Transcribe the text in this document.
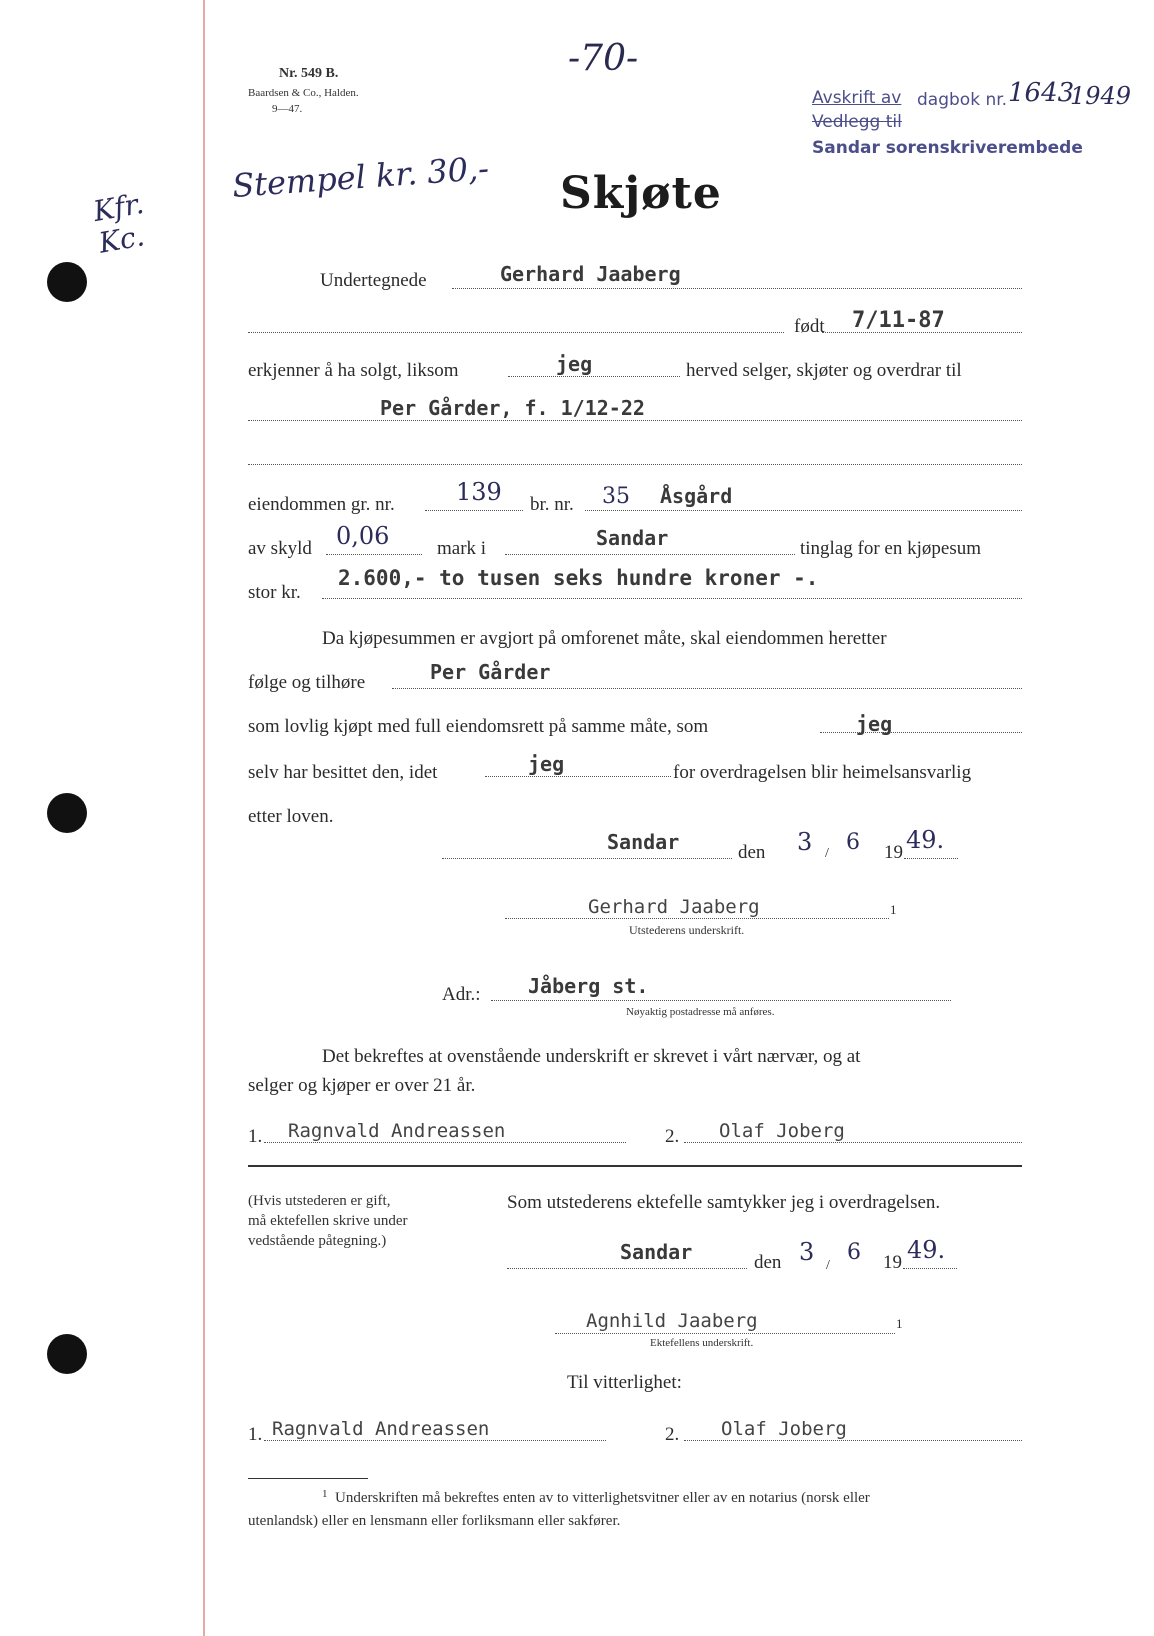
Nr. 549 B.
Baardsen & Co., Halden.
9—47.
-70-
Avskrift av dagbok nr. 1643
1949
Vedlegg til
Sandar sorenskriverembede
Stempel kr. 30,-
Kfr. Kc.
Skjøte
Undertegnede	Gerhard Jaaberg
født 7/11-87
erkjenner å ha solgt, liksom	jeg	herved selger, skjøter og overdrar til
Per Gårder, f. 1/12-22
eiendommen gr. nr.	139 br. nr. 35 Åsgård
av skyld 0,06	mark i	Sandar	tinglag for en kjøpesum
stor kr.
2.600,- to tusen seks hundre kroner -.
Da kjøpesummen er avgjort på omforenet måte, skal eiendommen heretter
følge og tilhøre	Per Gårder
som lovlig kjøpt med full eiendomsrett på samme måte, som	jeg
selv har besittet den, idet	jeg	for overdragelsen blir heimelsansvarlig
etter loven.
Sandar	den 3 / 6 19 49.
Gerhard Jaaberg	1
Utstederens underskrift.
Adr.: Jåberg st.
Nøyaktig postadresse må anføres.
Det bekreftes at ovenstående underskrift er skrevet i vårt nærvær, og at
selger og kjøper er over 21 år.
1. Ragnvald Andreassen	2. Olaf Joberg
(Hvis utstederen er gift,
må ektefellen skrive under
vedstående påtegning.)
Som utstederens ektefelle samtykker jeg i overdragelsen.
Sandar	den 3 /
6 19 49.
Agnhild Jaaberg	1
Ektefellens underskrift.
Til vitterlighet:
1. Ragnvald Andreassen	2. Olaf Joberg
1 Underskriften må bekreftes enten av to vitterlighetsvitner eller av en notarius (norsk eller
utenlandsk) eller en lensmann eller forliksmann eller sakfører.
